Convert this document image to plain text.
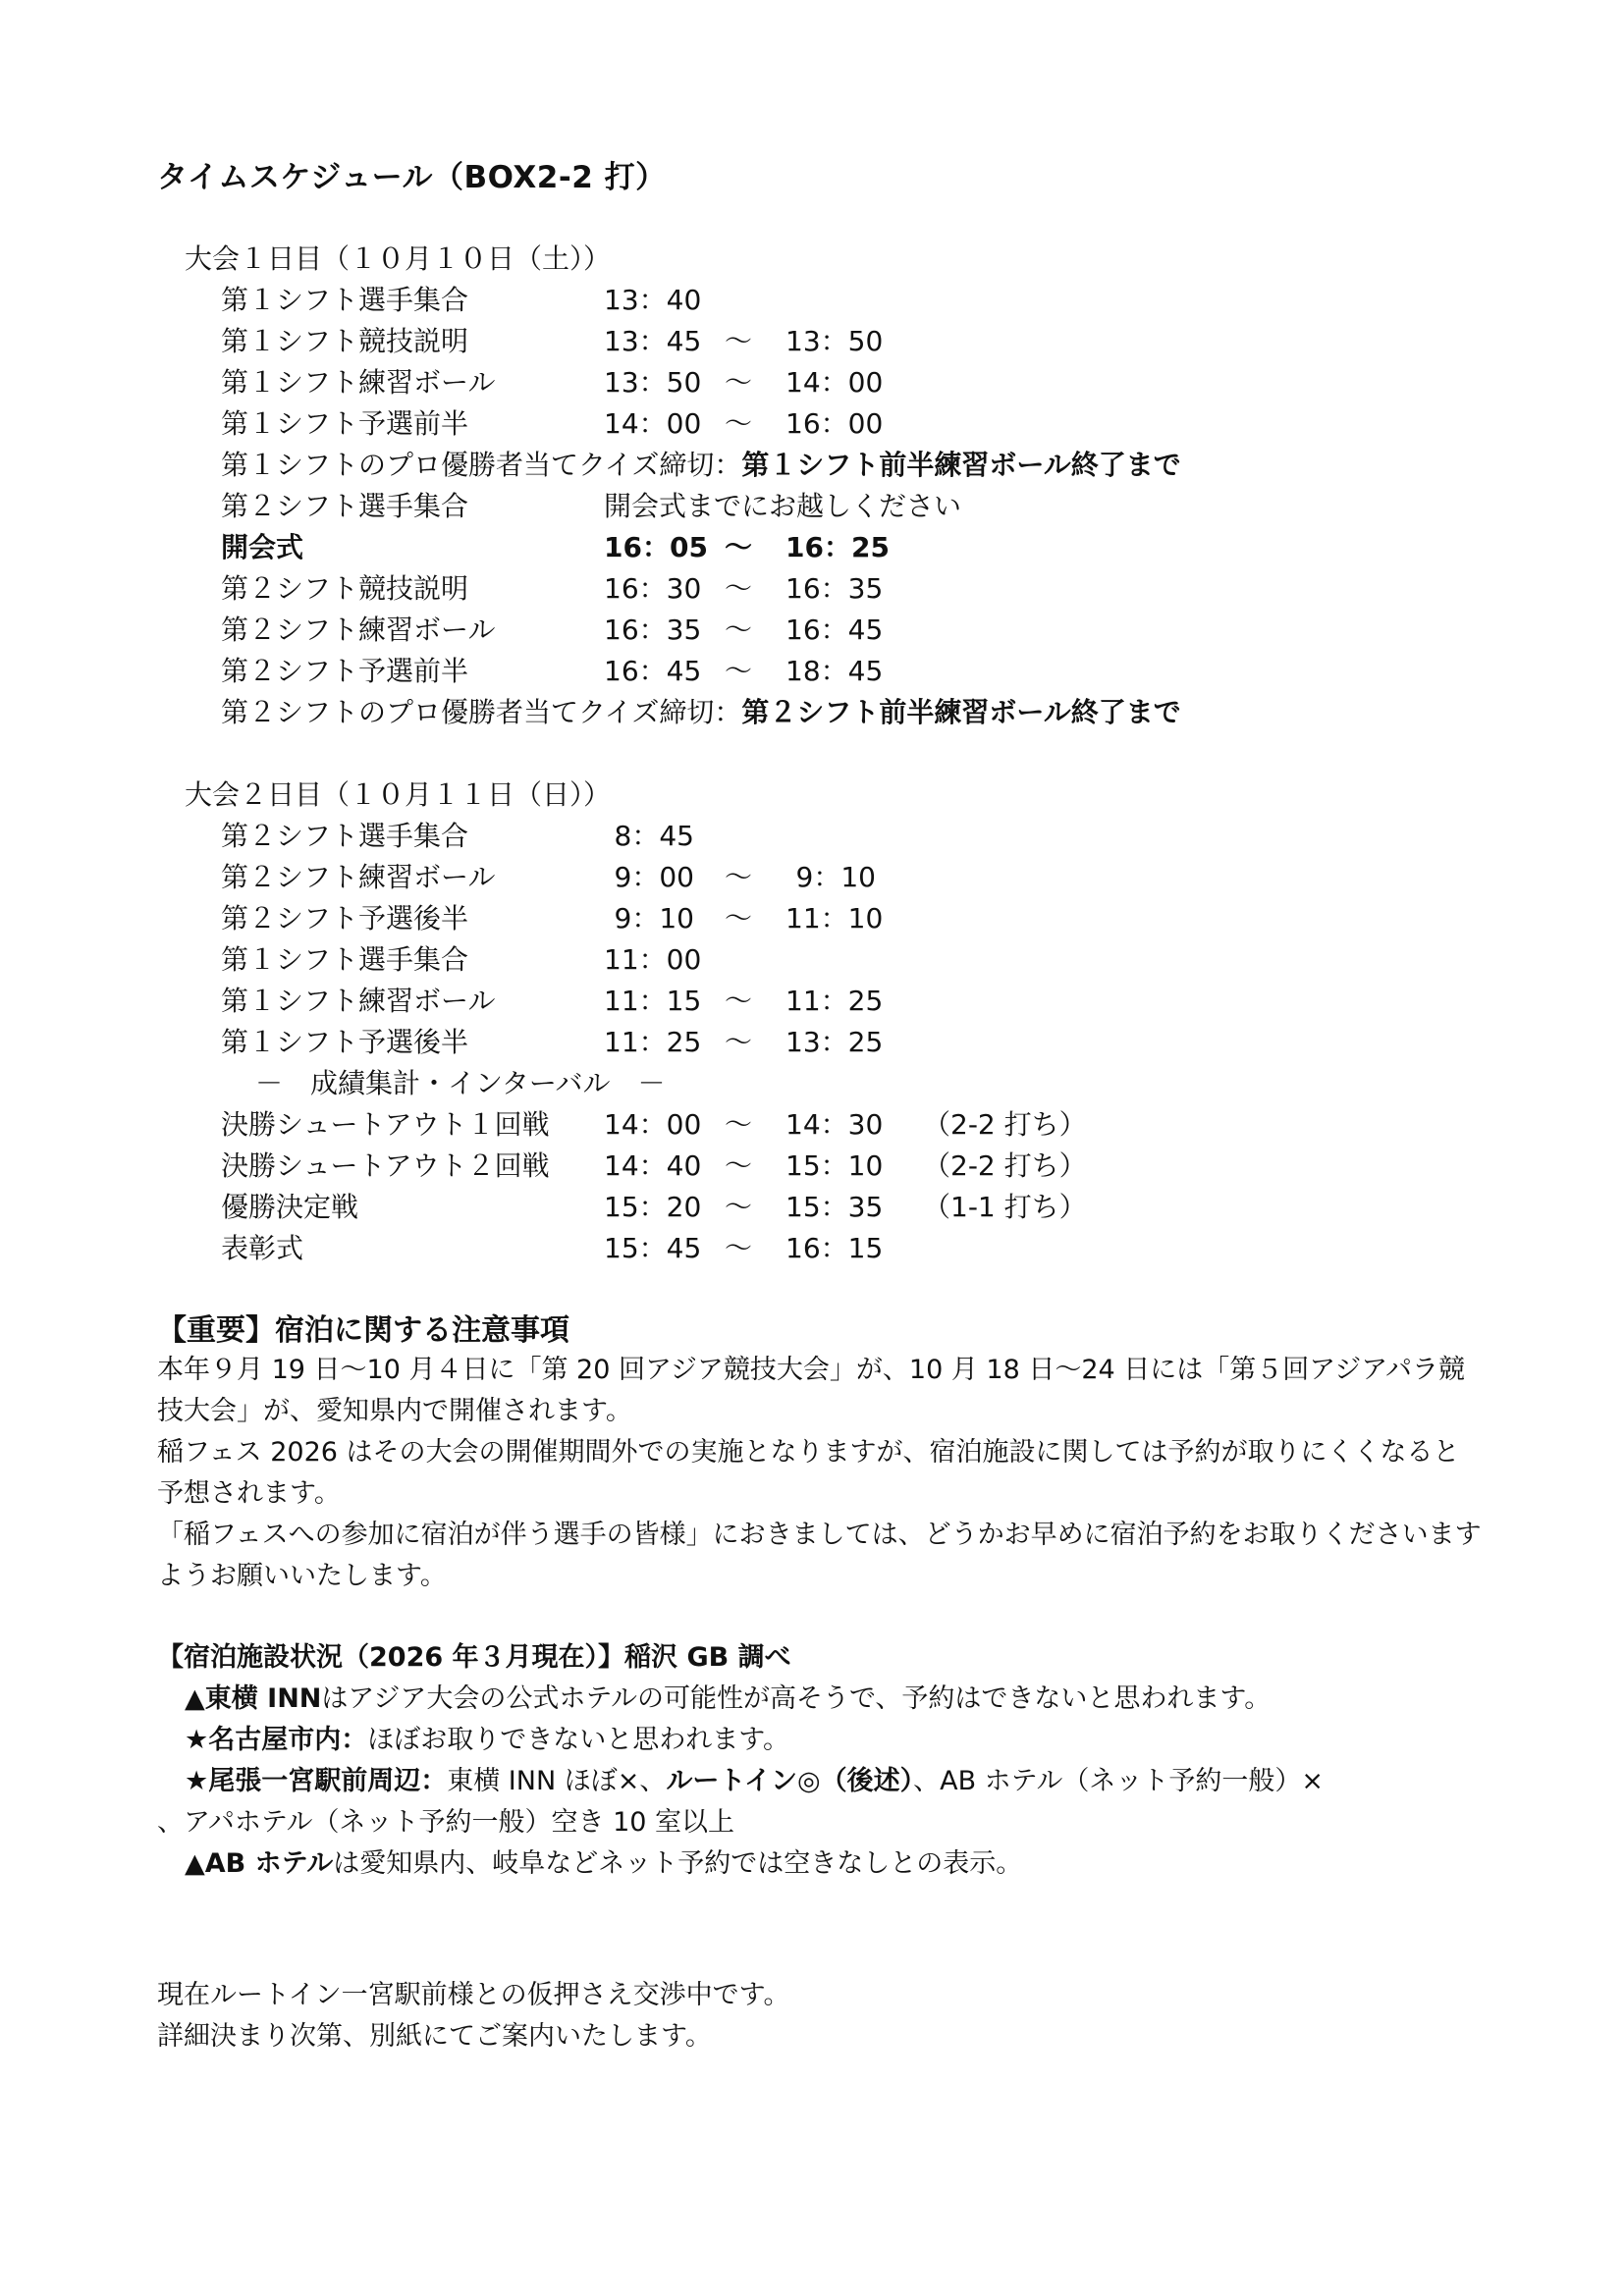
タイムスケジュール（BOX2-2 打）
大会１日目（１０月１０日（土））
第１シフト選手集合	13：40
第１シフト競技説明	13：45 〜 13：50
第１シフト練習ボール	13：50 〜 14：00
第１シフト予選前半	14：00 〜 16：00
第１シフトのプロ優勝者当てクイズ締切：第１シフト前半練習ボール終了まで
第２シフト選手集合	開会式までにお越しください
開会式	16：05 〜 16：25
第２シフト競技説明	16：30 〜 16：35
第２シフト練習ボール	16：35 〜 16：45
第２シフト予選前半	16：45 〜 18：45
第２シフトのプロ優勝者当てクイズ締切：第２シフト前半練習ボール終了まで
大会２日目（１０月１１日（日））
第２シフト選手集合	8：45
第２シフト練習ボール	9：00 〜	9：10
第２シフト予選後半	9：10 〜 11：10
第１シフト選手集合	11：00
第１シフト練習ボール	11：15 〜 11：25
第１シフト予選後半	11：25 〜 13：25
－　成績集計・インターバル　－
決勝シュートアウト１回戦 14：00 〜 14：30 （2-2 打ち）
決勝シュートアウト２回戦 14：40 〜 15：10 （2-2 打ち）
優勝決定戦	15：20 〜 15：35 （1-1 打ち）
表彰式	15：45 〜 16：15
【重要】宿泊に関する注意事項

本年９月 19 日〜10 月４日に「第 20 回アジア競技大会」が、10 月 18 日〜24 日には「第５回アジアパラ競技大会」が、愛知県内で開催されます。

稲フェス 2026 はその大会の開催期間外での実施となりますが、宿泊施設に関しては予約が取りにくくなると予想されます。

「稲フェスへの参加に宿泊が伴う選手の皆様」におきましては、どうかお早めに宿泊予約をお取りくださいますようお願いいたします。

【宿泊施設状況（2026 年３月現在）】稲沢 GB 調べ
▲東横 INNはアジア大会の公式ホテルの可能性が高そうで、予約はできないと思われます。
★名古屋市内：ほぼお取りできないと思われます。
★尾張一宮駅前周辺：東横 INN ほぼ×、ルートイン◎（後述）、AB ホテル（ネット予約一般）×
、アパホテル（ネット予約一般）空き 10 室以上
▲AB ホテルは愛知県内、岐阜などネット予約では空きなしとの表示。
現在ルートイン一宮駅前様との仮押さえ交渉中です。
詳細決まり次第、別紙にてご案内いたします。
